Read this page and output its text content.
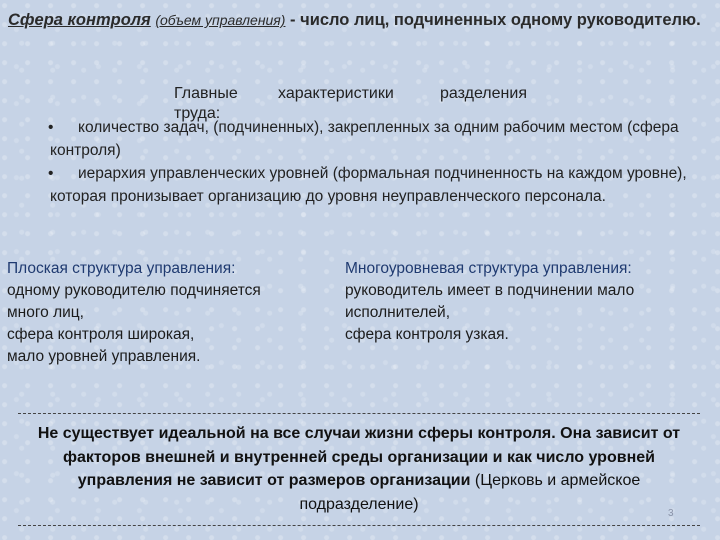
Сфера контроля (объем управления) - число лиц, подчиненных одному руководителю.
Главные	характеристики	разделения
труда:
•	количество задач, (подчиненных), закрепленных за одним рабочим местом (сфера контроля)
•	иерархия управленческих уровней (формальная подчиненность на каждом уровне), которая пронизывает организацию до уровня неуправленческого персонала.
Плоская структура управления:
одному руководителю подчиняется
много лиц,
сфера контроля широкая,
мало уровней управления.
Многоуровневая структура управления:
руководитель имеет в подчинении мало
исполнителей,
сфера контроля узкая.
Не существует идеальной на все случаи жизни сферы контроля. Она зависит от факторов внешней и внутренней среды организации и как число уровней управления не зависит от размеров организации (Церковь и армейское подразделение)
3
